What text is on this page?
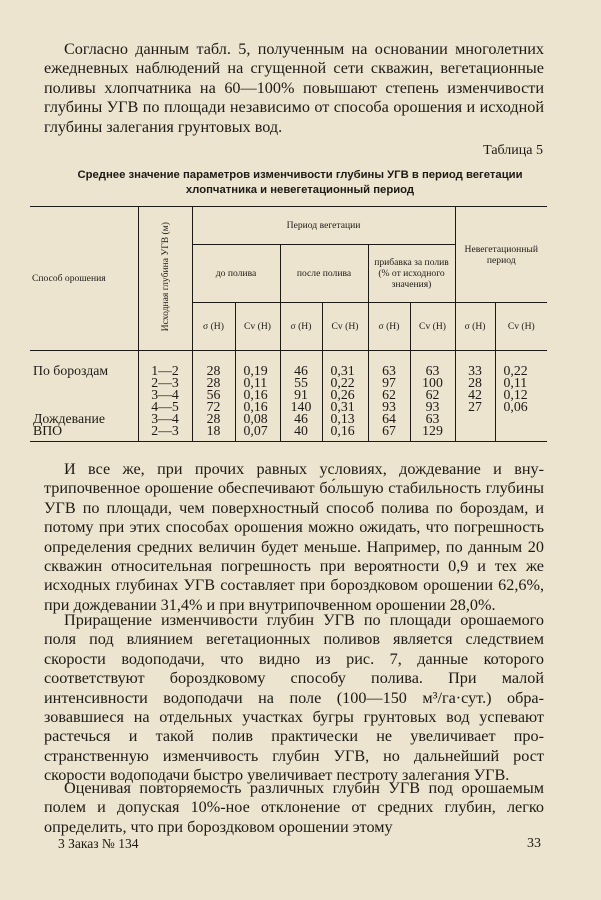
Согласно данным табл. 5, полученным на основании многолетних ежедневных наблюдений на сгущенной сети скважин, вегетационные поливы хлопчатника на 60—100% повышают степень изменчивости глубины УГВ по площади независимо от способа орошения и исходной глубины залегания грунтовых вод.

Таблица 5
Среднее значение параметров изменчивости глубины УГВ в период вегетации хлопчатника и невегетационный период
Способ орошения	Исходная глубина УГВ (м)	Период вегетации						Невегетационный период	
		до полива		после полива		прибавка за полив (% от исходного значения)			
		σ (H)	Cv (H)	σ (H)	Cv (H)	σ (H)	Cv (H)	σ (H)	Cv (H)
По бороздам	1—2	28	0,19	46	0,31	63	63	33	0,22
	2—3	28	0,11	55	0,22	97	100	28	0,11
	3—4	56	0,16	91	0,26	62	62	42	0,12
	4—5	72	0,16	140	0,31	93	93	27	0,06
Дождевание	3—4	28	0,08	46	0,13	64	63		
ВПО	2—3	18	0,07	40	0,16	67	129		

И все же, при прочих равных условиях, дождевание и внутрипочвенное орошение обеспечивают бо́льшую стабильность глубины УГВ по площади, чем поверхностный способ полива по бороздам, и потому при этих способах орошения можно ожидать, что погрешность определения средних величин будет меньше. Например, по данным 20 скважин относительная погрешность при вероятности 0,9 и тех же исходных глубинах УГВ составляет при бороздковом орошении 62,6%, при дождевании 31,4% и при внутрипочвенном орошении 28,0%.

Приращение изменчивости глубин УГВ по площади орошаемого поля под влиянием вегетационных поливов является следствием скорости водоподачи, что видно из рис. 7, данные которого соответствуют бороздковому способу полива. При малой интенсивности водоподачи на поле (100—150 м³/га·сут.) образовавшиеся на отдельных участках бугры грунтовых вод успевают растечься и такой полив практически не увеличивает пространственную изменчивость глубин УГВ, но дальнейший рост скорости водоподачи быстро увеличивает пестроту залегания УГВ.

Оценивая повторяемость различных глубин УГВ под орошаемым полем и допуская 10%-ное отклонение от средних глубин, легко определить, что при бороздковом орошении этому

3 Заказ № 134	33
